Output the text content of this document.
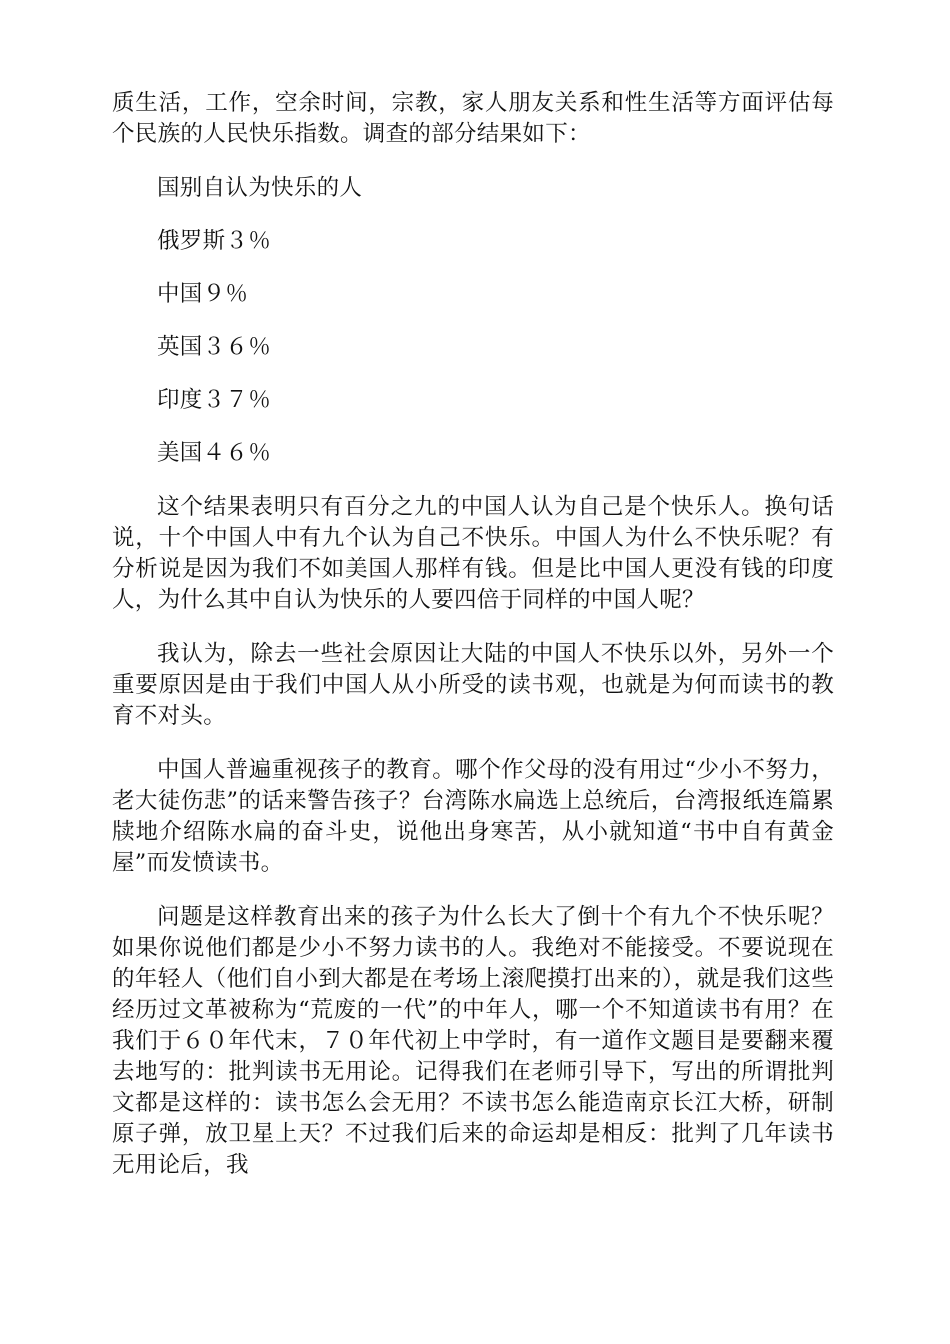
质生活，工作，空余时间，宗教，家人朋友关系和性生活等方面评估每个民族的人民快乐指数。调查的部分结果如下：

国别自认为快乐的人

俄罗斯３％

中国９％

英国３６％

印度３７％

美国４６％

这个结果表明只有百分之九的中国人认为自己是个快乐人。换句话说，十个中国人中有九个认为自己不快乐。中国人为什么不快乐呢？有分析说是因为我们不如美国人那样有钱。但是比中国人更没有钱的印度人，为什么其中自认为快乐的人要四倍于同样的中国人呢？

我认为，除去一些社会原因让大陆的中国人不快乐以外，另外一个重要原因是由于我们中国人从小所受的读书观，也就是为何而读书的教育不对头。

中国人普遍重视孩子的教育。哪个作父母的没有用过“少小不努力，老大徒伤悲”的话来警告孩子？台湾陈水扁选上总统后，台湾报纸连篇累牍地介绍陈水扁的奋斗史，说他出身寒苦，从小就知道“书中自有黄金屋”而发愤读书。

问题是这样教育出来的孩子为什么长大了倒十个有九个不快乐呢？如果你说他们都是少小不努力读书的人。我绝对不能接受。不要说现在的年轻人（他们自小到大都是在考场上滚爬摸打出来的），就是我们这些经历过文革被称为“荒废的一代”的中年人，哪一个不知道读书有用？在我们于６０年代末，７０年代初上中学时，有一道作文题目是要翻来覆去地写的：批判读书无用论。记得我们在老师引导下，写出的所谓批判文都是这样的：读书怎么会无用？不读书怎么能造南京长江大桥，研制原子弹，放卫星上天？不过我们后来的命运却是相反：批判了几年读书无用论后，我
